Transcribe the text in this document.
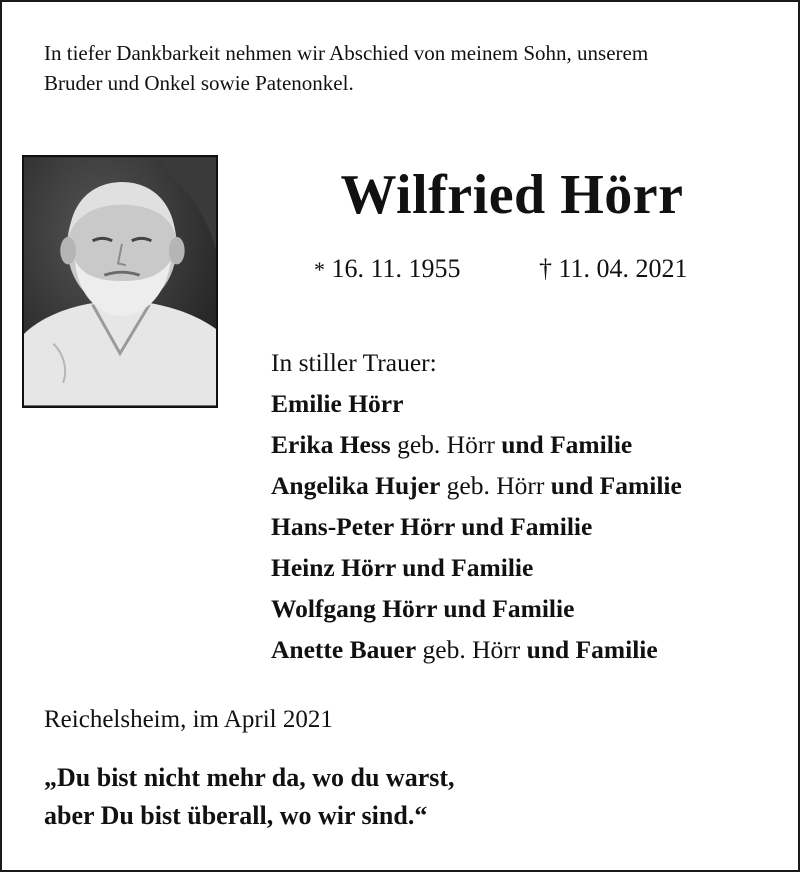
In tiefer Dankbarkeit nehmen wir Abschied von meinem Sohn, unserem
Bruder und Onkel sowie Patenonkel.

Wilfried Hörr
* 16. 11. 1955	† 11. 04. 2021
In stiller Trauer:
Emilie Hörr
Erika Hess geb. Hörr und Familie
Angelika Hujer geb. Hörr und Familie
Hans-Peter Hörr und Familie
Heinz Hörr und Familie
Wolfgang Hörr und Familie
Anette Bauer geb. Hörr und Familie
Reichelsheim, im April 2021
„Du bist nicht mehr da, wo du warst,
aber Du bist überall, wo wir sind.“
